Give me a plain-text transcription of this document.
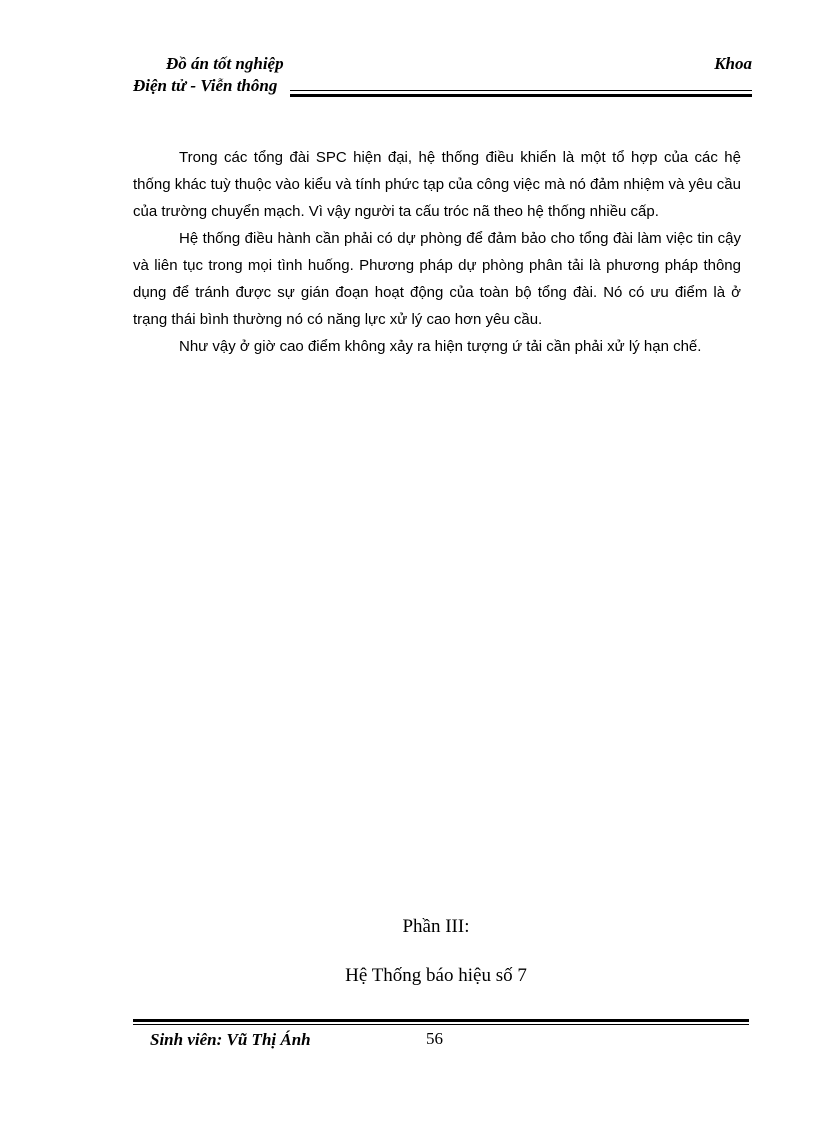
Đồ án tốt nghiệp	Khoa
Điện tử - Viễn thông

Trong các tổng đài SPC hiện đại, hệ thống điều khiển là một tổ hợp của các hệ thống khác tuỳ thuộc vào kiểu và tính phức tạp của công việc mà nó đảm nhiệm và yêu cầu của trường chuyển mạch. Vì vậy người ta cấu tróc nã theo hệ thống nhiều cấp.

Hệ thống điều hành cần phải có dự phòng để đảm bảo cho tổng đài làm việc tin cậy và liên tục trong mọi tình huống. Phương pháp dự phòng phân tải là phương pháp thông dụng để tránh được sự gián đoạn hoạt động của toàn bộ tổng đài. Nó có ưu điểm là ở trạng thái bình thường nó có năng lực xử lý cao hơn yêu cầu.

Như vậy ở giờ cao điểm không xảy ra hiện tượng ứ tải cần phải xử lý hạn chế.

Phần III:
Hệ Thống báo hiệu số 7
Sinh viên: Vũ Thị Ánh	56
